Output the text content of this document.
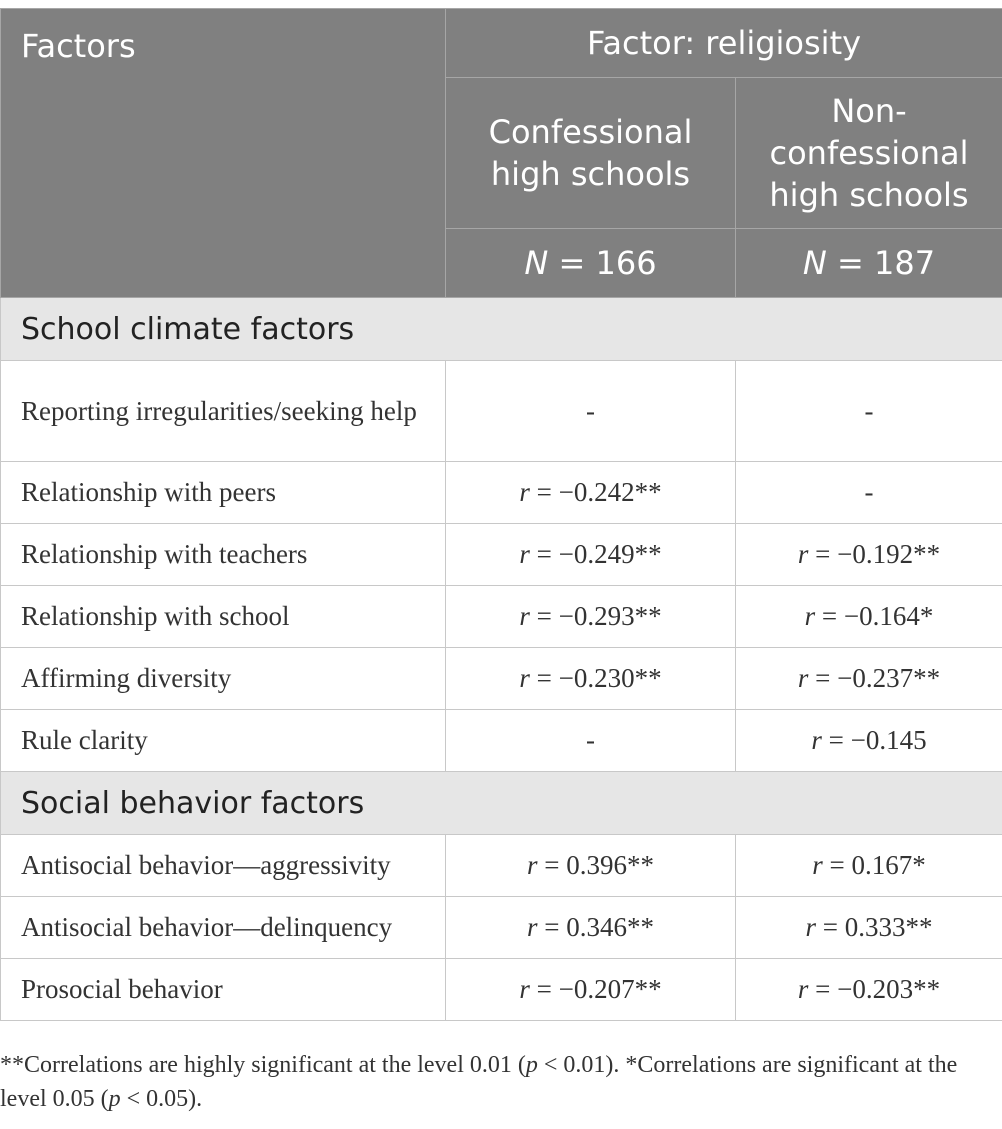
Factors	Factor: religiosity	
	Confessional high schools	Non-
confessional
high schools
	N = 166	N = 187
School climate factors		
Reporting irregularities/seeking help	-	-
Relationship with peers	r = −0.242**	-
Relationship with teachers	r = −0.249**	r = −0.192**
Relationship with school	r = −0.293**	r = −0.164*
Affirming diversity	r = −0.230**	r = −0.237**
Rule clarity	-	r = −0.145
Social behavior factors		
Antisocial behavior—aggressivity	r = 0.396**	r = 0.167*
Antisocial behavior—delinquency	r = 0.346**	r = 0.333**
Prosocial behavior	r = −0.207**	r = −0.203**
**Correlations are highly significant at the level 0.01 (p < 0.01). *Correlations are significant at the level 0.05 (p < 0.05).
